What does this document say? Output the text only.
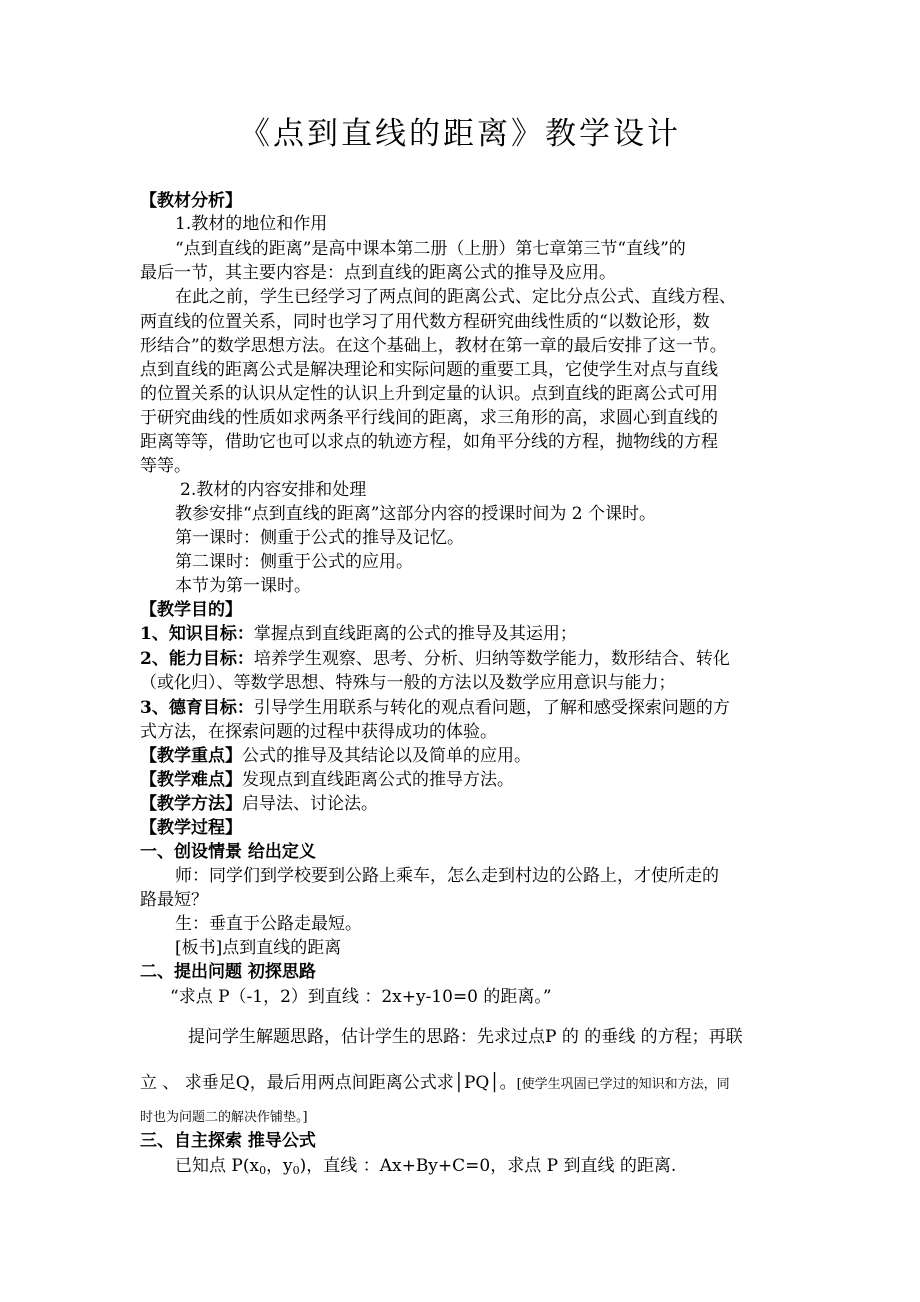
《点到直线的距离》教学设计
【教材分析】
1.教材的地位和作用
“点到直线的距离”是高中课本第二册（上册）第七章第三节“直线”的
最后一节，其主要内容是：点到直线的距离公式的推导及应用。
在此之前，学生已经学习了两点间的距离公式、定比分点公式、直线方程、
两直线的位置关系，同时也学习了用代数方程研究曲线性质的“以数论形，数
形结合”的数学思想方法。在这个基础上，教材在第一章的最后安排了这一节。
点到直线的距离公式是解决理论和实际问题的重要工具，它使学生对点与直线
的位置关系的认识从定性的认识上升到定量的认识。点到直线的距离公式可用
于研究曲线的性质如求两条平行线间的距离，求三角形的高，求圆心到直线的
距离等等，借助它也可以求点的轨迹方程，如角平分线的方程，抛物线的方程
等等。
2.教材的内容安排和处理
教参安排“点到直线的距离”这部分内容的授课时间为 2 个课时。
第一课时：侧重于公式的推导及记忆。
第二课时：侧重于公式的应用。
本节为第一课时。
【教学目的】
1、知识目标：掌握点到直线距离的公式的推导及其运用；
2、能力目标：培养学生观察、思考、分析、归纳等数学能力，数形结合、转化
（或化归）、等数学思想、特殊与一般的方法以及数学应用意识与能力；
3、德育目标：引导学生用联系与转化的观点看问题，了解和感受探索问题的方
式方法，在探索问题的过程中获得成功的体验。
【教学重点】公式的推导及其结论以及简单的应用。
【教学难点】发现点到直线距离公式的推导方法。
【教学方法】启导法、讨论法。
【教学过程】
一、创设情景 给出定义
师：同学们到学校要到公路上乘车，怎么走到村边的公路上，才使所走的
路最短？
生：垂直于公路走最短。
[板书]点到直线的距离
二、提出问题 初探思路
“求点 P（-1，2）到直线 ：2x+y-10=0 的距离。”
提问学生解题思路，估计学生的思路：先求过点P 的 的垂线 的方程；再联
立 、 求垂足Q，最后用两点间距离公式求│PQ│。[使学生巩固已学过的知识和方法，同
时也为问题二的解决作铺垫。]
三、自主探索 推导公式
已知点 $P(x_0$，$y_0$)，直线 ：Ax+By+C=0，求点 P 到直线 的距离.
